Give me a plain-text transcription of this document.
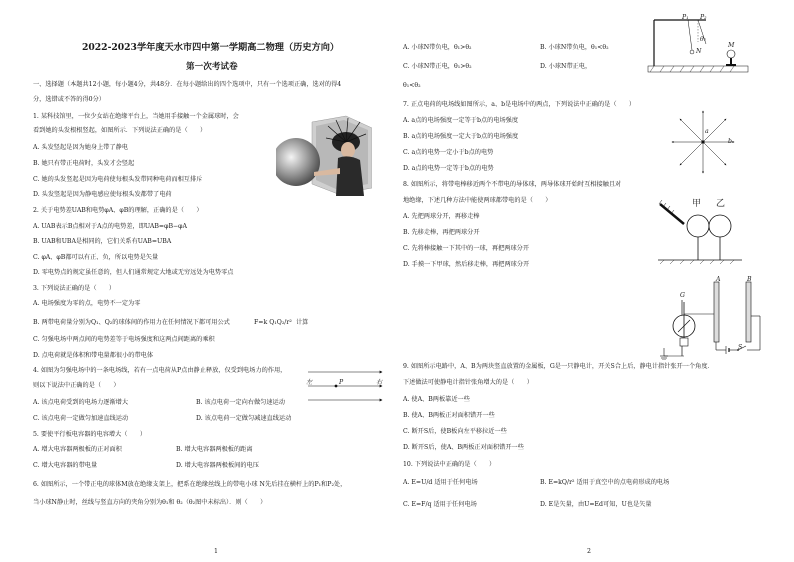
2022-2023学年度天水市四中第一学期高二物理（历史方向）
第一次考试卷
一、选择题（本题共12小题，每小题4分，共48分．在每小题给出的四个选项中，只有一个选项正确，选对的得4
分，选错或不答的得0分）
1. 某科技馆里，一位少女站在绝缘平台上，当她用手接触一个金属球时，会
看到她的头发根根竖起，如图所示．下列说法正确的是（　　）
A. 头发竖起是因为她身上带了静电
B. 她只有带正电荷时，头发才会竖起
C. 她的头发竖起是因为电荷使每根头发带同种电荷而相互排斥
D. 头发竖起是因为静电感应使每根头发都带了电荷
2. 关于电势差UAB和电势φA、φB的理解，正确的是（　　）
A. UAB表示B点相对于A点的电势差，即UAB=φB−φA
B. UAB和UBA是相同的，它们关系有UAB=UBA
C. φA、φB都可以有正、负，所以电势是矢量
D. 零电势点的规定虽任意的，但人们通常规定大地或无穷远处为电势零点
3. 下列说法正确的是（　　）
A. 电场强度为零的点，电势不一定为零
B. 两带电荷量分别为Q₁、Q₂的球体间的作用力在任何情况下都可用公式	F=k Q₁Q₂/r² 计算
C. 匀强电场中两点间的电势差等于电场强度和这两点间距离的乘积
D. 点电荷就是体积和带电量都很小的带电体
4. 如图为匀强电场中的一条电场线，若有一点电荷从P点由静止释放，仅受到电场力的作用，
则以下说法中正确的是（　　）
A. 该点电荷受到的电场力逐渐增大	B. 该点电荷一定向右做匀速运动
C. 该点电荷一定做匀加速直线运动	D. 该点电荷一定做匀减速直线运动
左	P	右
5. 要使平行板电容器的电容增大（　　）
A. 增大电容器两极板的正对面积	B. 增大电容器两极板的距离
C. 增大电容器的带电量	D. 增大电容器两极板间的电压
6. 如图所示，一个带正电的球体M放在绝缘支架上，把系在绝缘丝线上的带电小球 N先后挂在横杆上的P₁和P₂处，
当小球N静止时，丝线与竖直方向的夹角分别为θ₁和 θ₂（θ₂图中未标出）．则（　　）
1
A. 小球N带负电，θ₁>θ₂	B. 小球N带负电，θ₁<θ₂
C. 小球N带正电，θ₁>θ₂	D. 小球N带正电，
θ₁<θ₂
P₁ P₂
θ₁
N
M
7. 正点电荷的电场线如图所示，a、b是电场中的两点，下列说法中正确的是（　　）
A. a点的电场强度一定等于b点的电场强度
B. a点的电场强度一定大于b点的电场强度
C. a点的电势一定小于b点的电势
D. a点的电势一定等于b点的电势
a
b
8. 如图所示，将带电棒移近两个不带电的导体球，两导体球开始时互相接触且对
地绝缘，下述几种方法中能使两球都带电的是（　　）
A. 先把两球分开，再移走棒
B. 先移走棒，再把两球分开
C. 先将棒接触一下其中的一球，再把两球分开
D. 手摸一下甲球，然后移走棒，再把两球分开
甲 乙
A	B
G
S
9. 如图所示电路中，A、B为两块竖直放置的金属板，G是一只静电计，开关S合上后，静电计指针张开一个角度．
下述做法可使静电计指针张角增大的是（　　）
A. 使A、B两板靠近一些
B. 使A、B两板正对面积错开一些
C. 断开S后，使B板向左平移拉近一些
D. 断开S后，使A、B两板正对面积错开一些
10. 下列说法中正确的是（　　）
A. E=U/d 适用于任何电场	B. E=kQ/r² 适用于真空中的点电荷形成的电场
C. E=F/q 适用于任何电场	D. E是矢量，由U=Ed可知，U也是矢量
2
